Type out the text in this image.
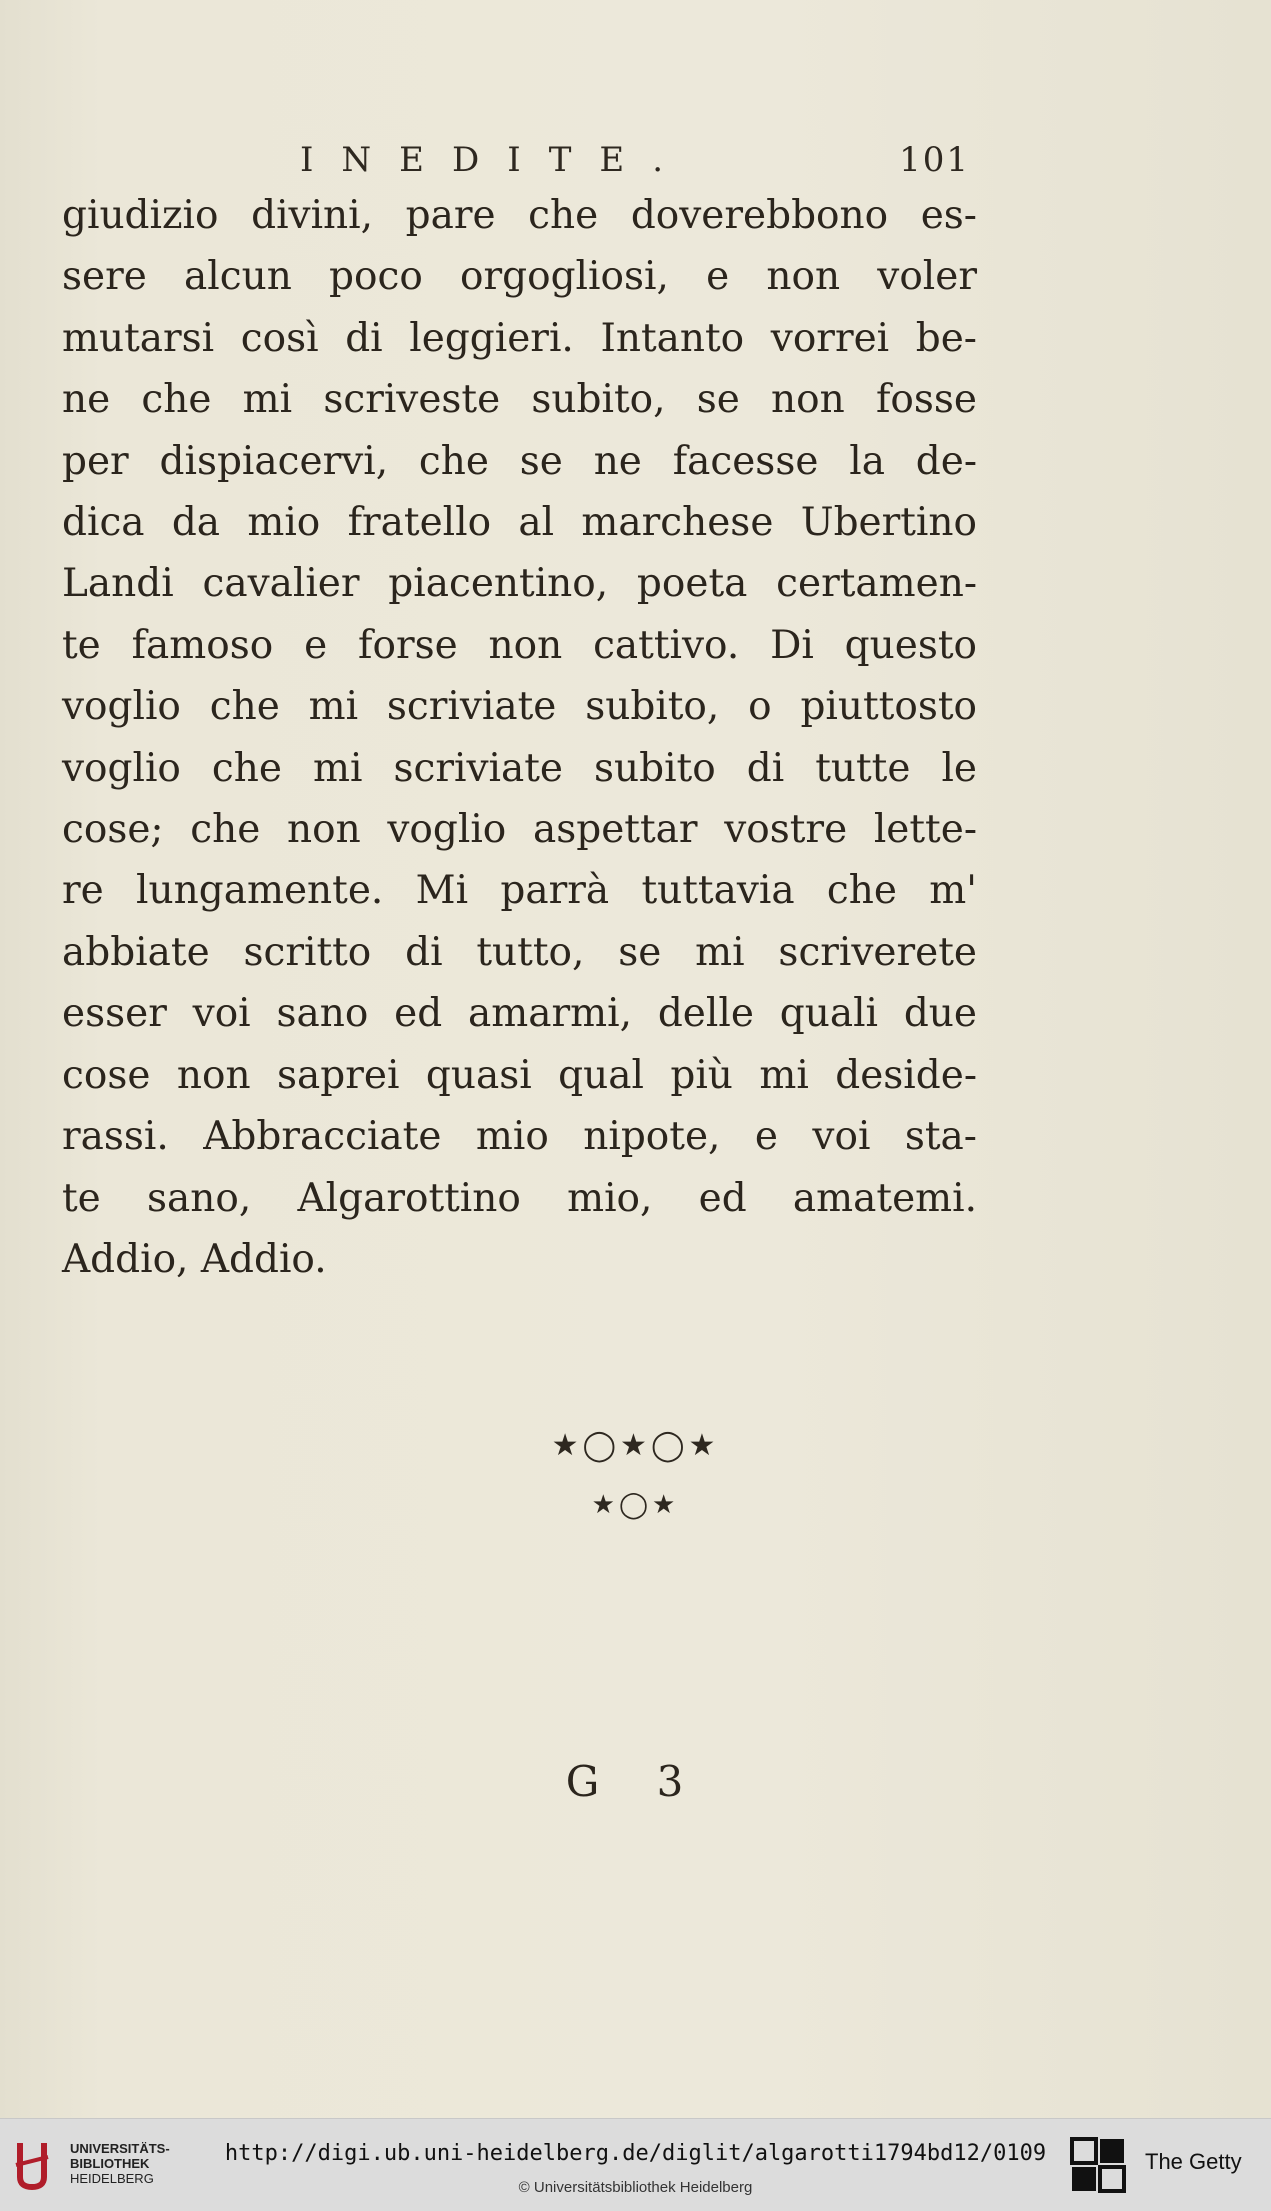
INEDITE.	101
giudizio divini, pare che doverebbono es-
sere alcun poco orgogliosi, e non voler
mutarsi così di leggieri. Intanto vorrei be-
ne che mi scriveste subito, se non fosse
per dispiacervi, che se ne facesse la de-
dica da mio fratello al marchese Ubertino
Landi cavalier piacentino, poeta certamen-
te famoso e forse non cattivo. Di questo
voglio che mi scriviate subito, o piuttosto
voglio che mi scriviate subito di tutte le
cose; che non voglio aspettar vostre lette-
re lungamente. Mi parrà tuttavia che m'
abbiate scritto di tutto, se mi scriverete
esser voi sano ed amarmi, delle quali due
cose non saprei quasi qual più mi deside-
rassi. Abbracciate mio nipote, e voi sta-
te sano, Algarottino mio, ed amatemi.
Addio, Addio.
★◯★◯★
★◯★
G 3
UNIVERSITÄTS-
BIBLIOTHEK
HEIDELBERG
http://digi.ub.uni-heidelberg.de/diglit/algarotti1794bd12/0109
© Universitätsbibliothek Heidelberg
The Getty
